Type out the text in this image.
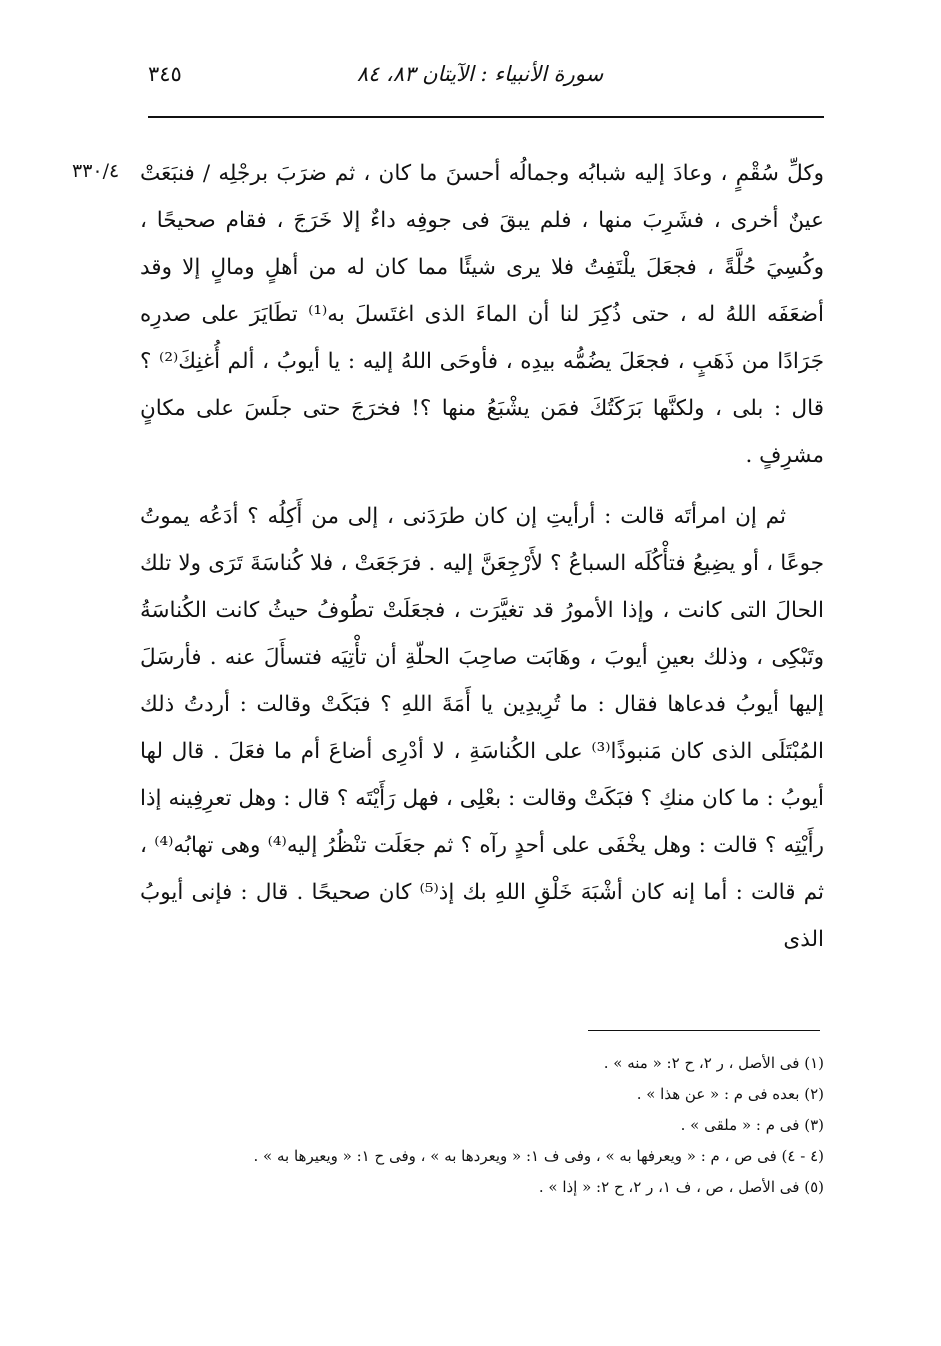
سورة الأنبياء : الآيتان ٨٣، ٨٤
٣٤٥
٣٣٠/٤ وكلِّ سُقْمٍ ، وعادَ إليه شبابُه وجمالُه أحسنَ ما كان ، ثم ضرَبَ برجْلِه / فنبَعَتْ عينٌ أخرى ، فشَرِبَ منها ، فلم يبقَ فى جوفِه داءٌ إلا خَرَجَ ، فقام صحيحًا ، وكُسِيَ حُلَّةً ، فجعَلَ يلْتَفِتُ فلا يرى شيئًا مما كان له من أهلٍ ومالٍ إلا وقد أضعَفَه اللهُ له ، حتى ذُكِرَ لنا أن الماءَ الذى اغتَسلَ به⁽¹⁾ تطَايَرَ على صدرِه جَرَادًا من ذَهَبٍ ، فجعَلَ يضُمُّه بيدِه ، فأوحَى اللهُ إليه : يا أيوبُ ، ألم أُغنِكَ⁽²⁾ ؟ قال : بلى ، ولكنَّها بَرَكَتُكَ فمَن يشْبَعُ منها ؟! فخرَجَ حتى جلَسَ على مكانٍ مشرِفٍ .

ثم إن امرأتَه قالت : أرأيتِ إن كان طرَدَنى ، إلى من أَكِلُه ؟ أدَعُه يموتُ جوعًا ، أو يضِيعُ فتأْكُلَه السباعُ ؟ لأَرْجِعَنَّ إليه . فرَجَعَتْ ، فلا كُناسَةَ تَرَى ولا تلك الحالَ التى كانت ، وإذا الأمورُ قد تغيَّرَت ، فجعَلَتْ تطُوفُ حيثُ كانت الكُناسَةُ وتَبْكِى ، وذلك بعينِ أيوبَ ، وهَابَت صاحِبَ الحلّةِ أن تأْتِيَه فتسأَلَ عنه . فأرسَلَ إليها أيوبُ فدعاها فقال : ما تُرِيدِين يا أَمَةَ اللهِ ؟ فبَكَتْ وقالت : أردتُ ذلك المُبْتَلَى الذى كان مَنبوذًا⁽³⁾ على الكُناسَةِ ، لا أدْرِى أضاعَ أم ما فعَلَ . قال لها أيوبُ : ما كان منكِ ؟ فبَكَتْ وقالت : بعْلِى ، فهل رَأَيْتَه ؟ قال : وهل تعرِفِينه إذا رأَيْتِه ؟ قالت : وهل يخْفَى على أحدٍ رآه ؟ ثم جعَلَت تنْظُرُ إليه⁽⁴⁾ وهى تهابُه⁽⁴⁾ ، ثم قالت : أما إنه كان أشْبَهَ خَلْقِ اللهِ بك إذ⁽⁵⁾ كان صحيحًا . قال : فإنى أيوبُ الذى

(١) فى الأصل ، ر ٢، ح ٢: « منه » .
(٢) بعده فى م : « عن هذا » .
(٣) فى م : « ملقى » .
(٤ - ٤) فى ص ، م : « ويعرفها به » ، وفى ف ١: « ويعردها به » ، وفى ح ١: « ويعيرها به » .
(٥) فى الأصل ، ص ، ف ١، ر ٢، ح ٢: « إذا » .
